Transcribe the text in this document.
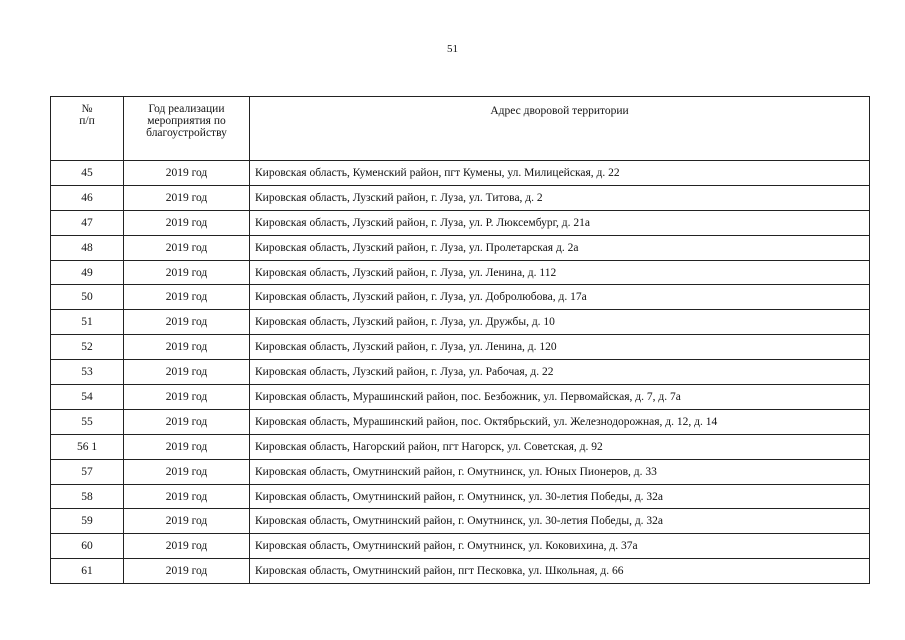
51
№
п/п	Год реализации
мероприятия по
благоустройству	Адрес дворовой территории
45	2019 год	Кировская область, Куменский район, пгт Кумены, ул. Милицейская, д. 22
46	2019 год	Кировская область, Лузский район, г. Луза, ул. Титова, д. 2
47	2019 год	Кировская область, Лузский район, г. Луза, ул. Р. Люксембург, д. 21а
48	2019 год	Кировская область, Лузский район, г. Луза, ул. Пролетарская д. 2а
49	2019 год	Кировская область, Лузский район, г. Луза, ул. Ленина, д. 112
50	2019 год	Кировская область, Лузский район, г. Луза, ул. Добролюбова, д. 17а
51	2019 год	Кировская область, Лузский район, г. Луза, ул. Дружбы, д. 10
52	2019 год	Кировская область, Лузский район, г. Луза, ул. Ленина, д. 120
53	2019 год	Кировская область, Лузский район, г. Луза, ул. Рабочая, д. 22
54	2019 год	Кировская область, Мурашинский район, пос. Безбожник, ул. Первомайская, д. 7, д. 7а
55	2019 год	Кировская область, Мурашинский район, пос. Октябрьский, ул. Железнодорожная, д. 12, д. 14
56 1	2019 год	Кировская область, Нагорский район, пгт Нагорск, ул. Советская, д. 92
57	2019 год	Кировская область, Омутнинский район, г. Омутнинск, ул. Юных Пионеров, д. 33
58	2019 год	Кировская область, Омутнинский район, г. Омутнинск, ул. 30-летия Победы, д. 32а
59	2019 год	Кировская область, Омутнинский район, г. Омутнинск, ул. 30-летия Победы, д. 32а
60	2019 год	Кировская область, Омутнинский район, г. Омутнинск, ул. Коковихина, д. 37а
61	2019 год	Кировская область, Омутнинский район, пгт Песковка, ул. Школьная, д. 66
